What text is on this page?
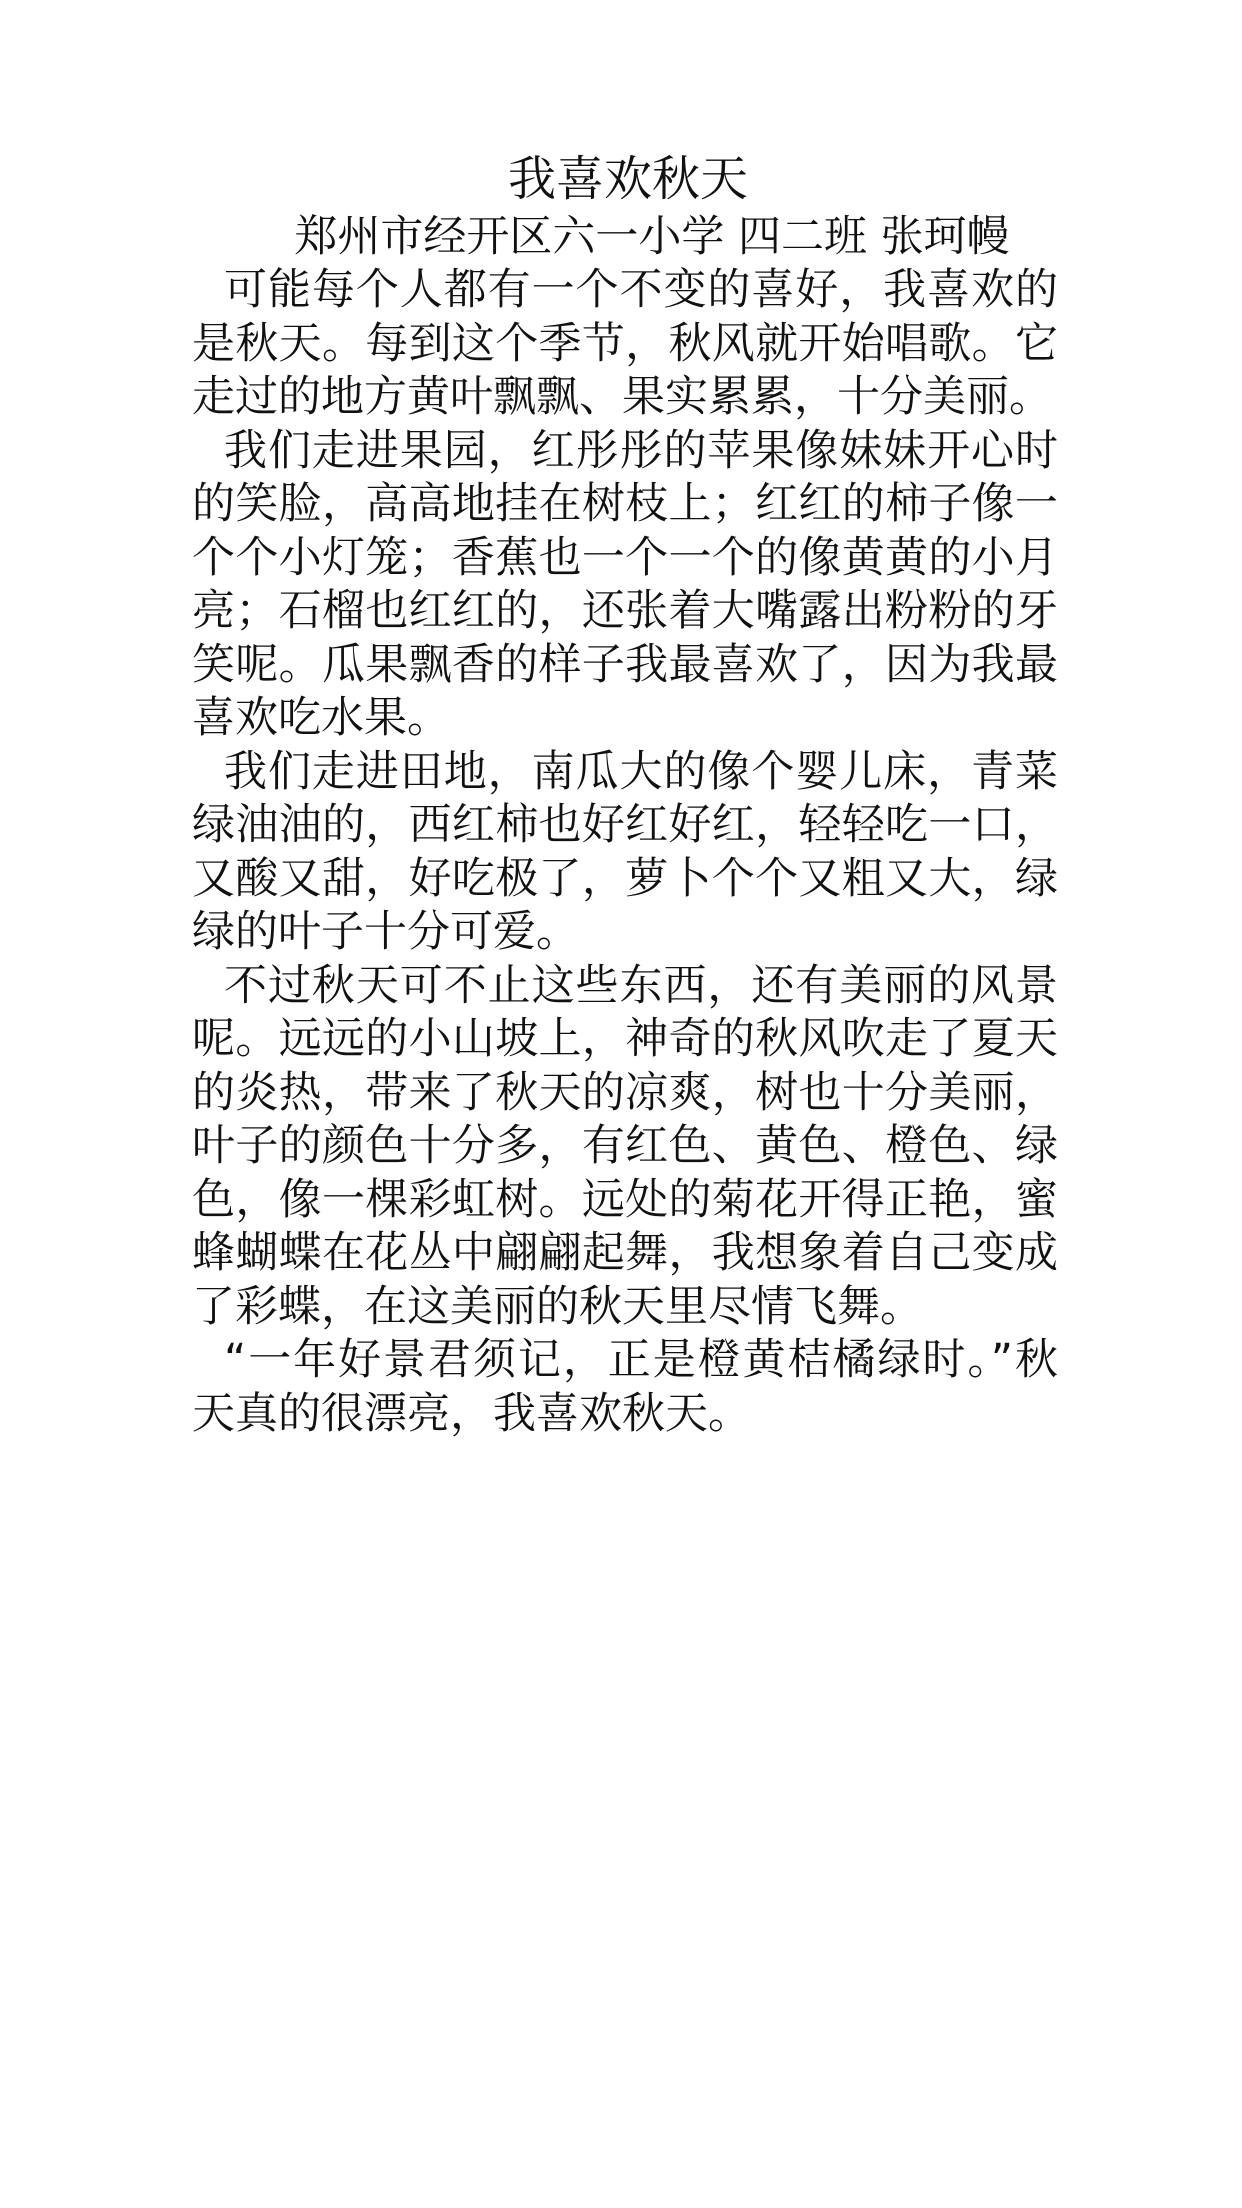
我喜欢秋天

郑州市经开区六一小学 四二班 张珂幔

可能每个人都有一个不变的喜好，我喜欢的是秋天。每到这个季节，秋风就开始唱歌。它走过的地方黄叶飘飘、果实累累，十分美丽。

我们走进果园，红彤彤的苹果像妹妹开心时的笑脸，高高地挂在树枝上；红红的柿子像一个个小灯笼；香蕉也一个一个的像黄黄的小月亮；石榴也红红的，还张着大嘴露出粉粉的牙笑呢。瓜果飘香的样子我最喜欢了，因为我最喜欢吃水果。

我们走进田地，南瓜大的像个婴儿床，青菜绿油油的，西红柿也好红好红，轻轻吃一口，又酸又甜，好吃极了，萝卜个个又粗又大，绿绿的叶子十分可爱。

不过秋天可不止这些东西，还有美丽的风景呢。远远的小山坡上，神奇的秋风吹走了夏天的炎热，带来了秋天的凉爽，树也十分美丽，叶子的颜色十分多，有红色、黄色、橙色、绿色，像一棵彩虹树。远处的菊花开得正艳，蜜蜂蝴蝶在花丛中翩翩起舞，我想象着自己变成了彩蝶，在这美丽的秋天里尽情飞舞。

“一年好景君须记，正是橙黄桔橘绿时。”秋天真的很漂亮，我喜欢秋天。
